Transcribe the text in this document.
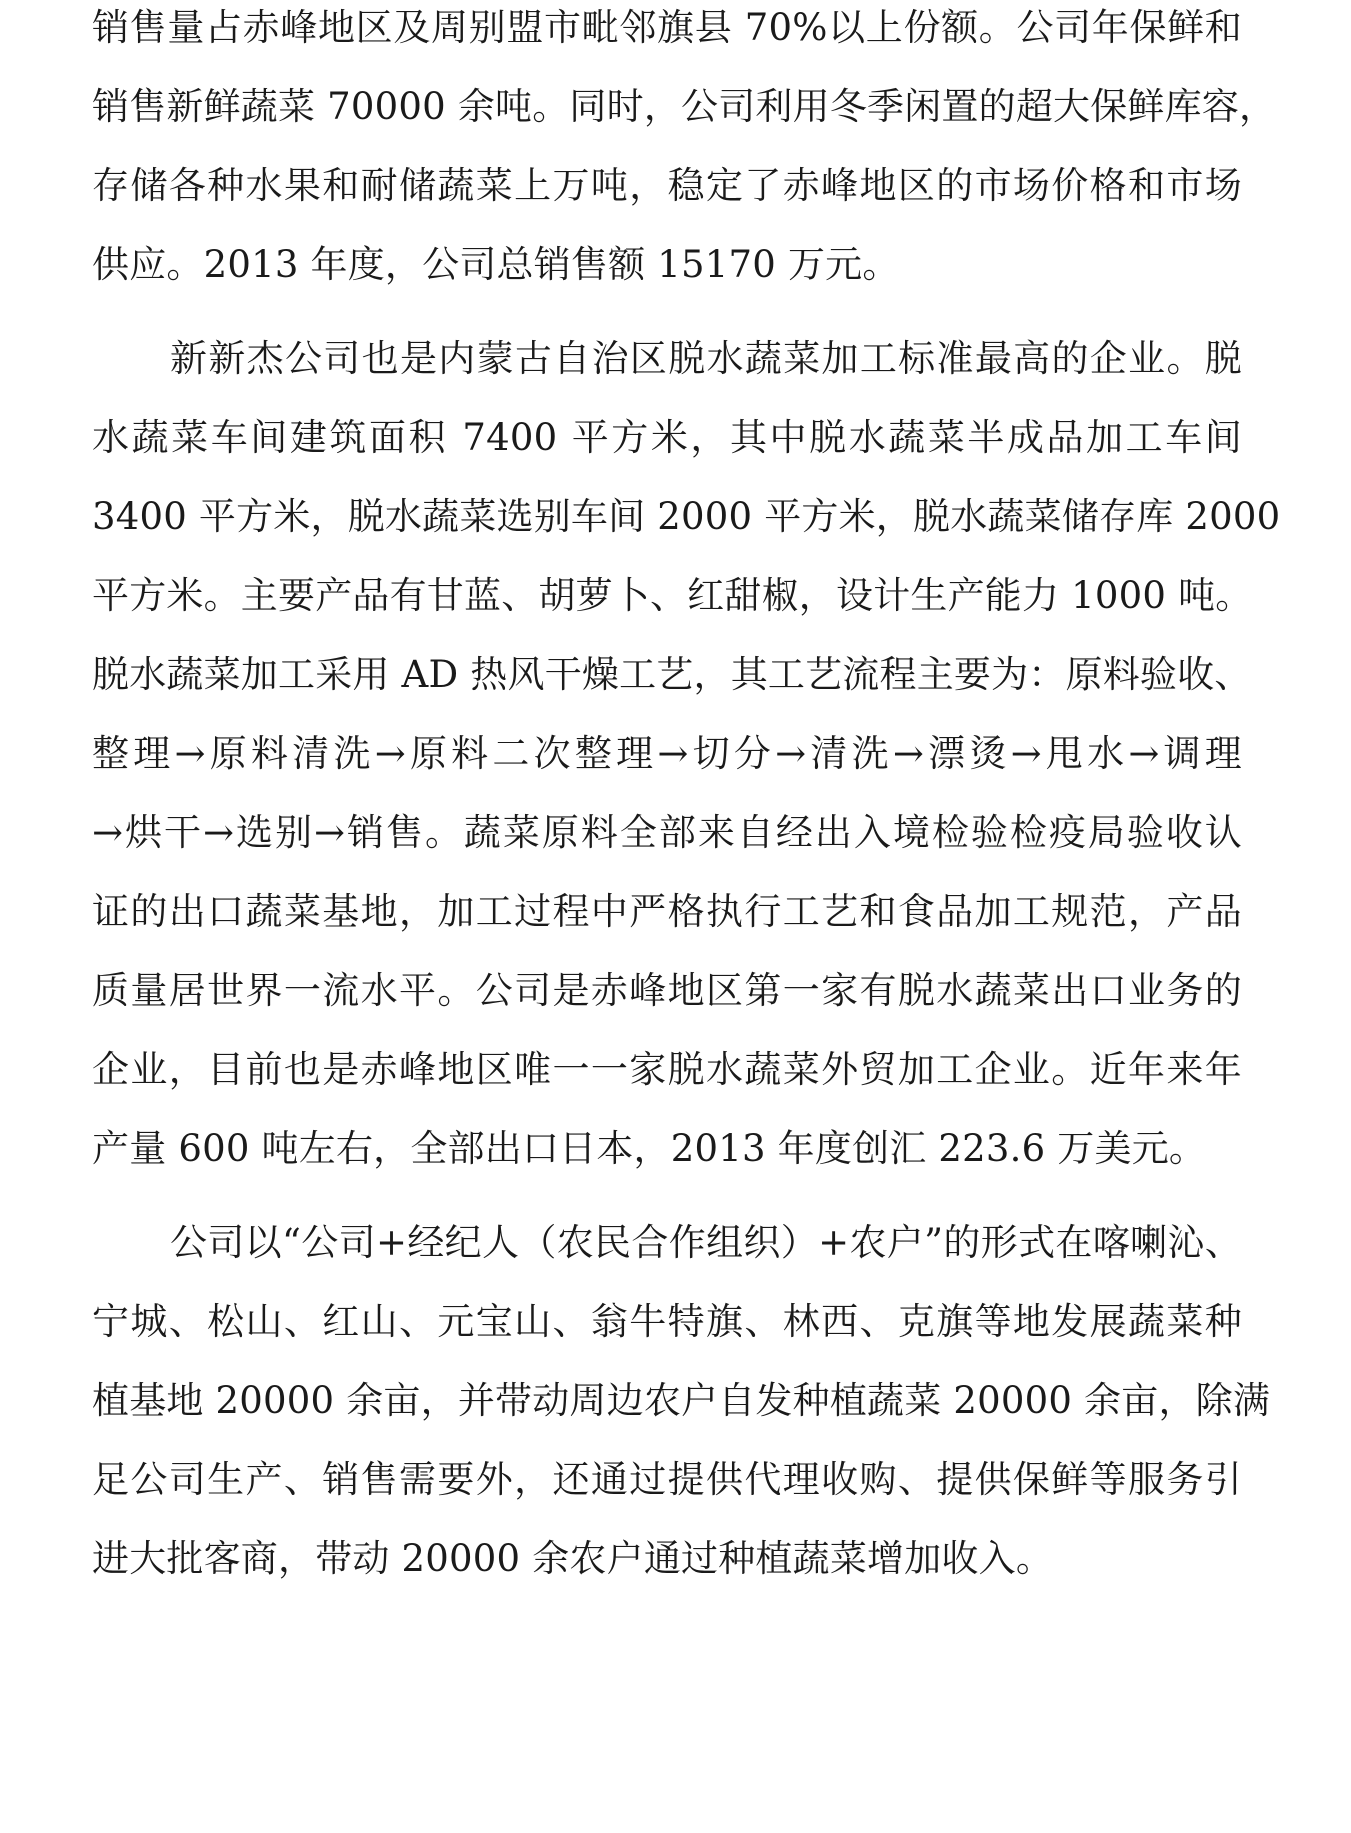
销售量占赤峰地区及周别盟市毗邻旗县 70%以上份额。公司年保鲜和
销售新鲜蔬菜 70000 余吨。同时，公司利用冬季闲置的超大保鲜库容，
存储各种水果和耐储蔬菜上万吨，稳定了赤峰地区的市场价格和市场
供应。2013 年度，公司总销售额 15170 万元。
新新杰公司也是内蒙古自治区脱水蔬菜加工标准最高的企业。脱
水蔬菜车间建筑面积 7400 平方米，其中脱水蔬菜半成品加工车间
3400 平方米，脱水蔬菜选别车间 2000 平方米，脱水蔬菜储存库 2000
平方米。主要产品有甘蓝、胡萝卜、红甜椒，设计生产能力 1000 吨。
脱水蔬菜加工采用 AD 热风干燥工艺，其工艺流程主要为：原料验收、
整理→原料清洗→原料二次整理→切分→清洗→漂烫→甩水→调理
→烘干→选别→销售。蔬菜原料全部来自经出入境检验检疫局验收认
证的出口蔬菜基地，加工过程中严格执行工艺和食品加工规范，产品
质量居世界一流水平。公司是赤峰地区第一家有脱水蔬菜出口业务的
企业，目前也是赤峰地区唯一一家脱水蔬菜外贸加工企业。近年来年
产量 600 吨左右，全部出口日本，2013 年度创汇 223.6 万美元。
公司以“公司+经纪人（农民合作组织）+农户”的形式在喀喇沁、
宁城、松山、红山、元宝山、翁牛特旗、林西、克旗等地发展蔬菜种
植基地 20000 余亩，并带动周边农户自发种植蔬菜 20000 余亩，除满
足公司生产、销售需要外，还通过提供代理收购、提供保鲜等服务引
进大批客商，带动 20000 余农户通过种植蔬菜增加收入。
